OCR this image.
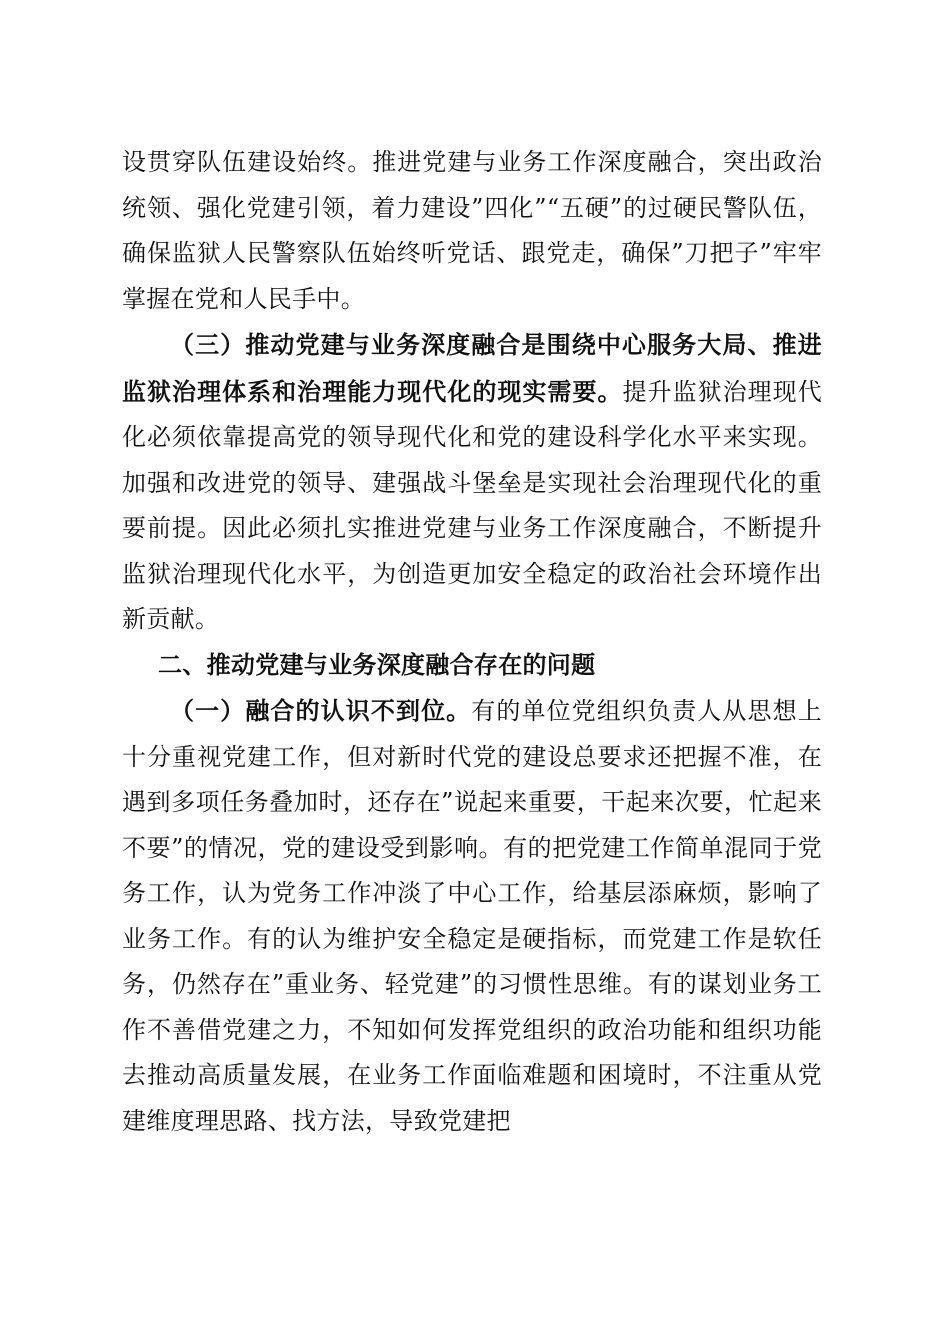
设贯穿队伍建设始终。推进党建与业务工作深度融合，突出政治统领、强化党建引领，着力建设”四化”“五硬”的过硬民警队伍，确保监狱人民警察队伍始终听党话、跟党走，确保”刀把子”牢牢掌握在党和人民手中。

（三）推动党建与业务深度融合是围绕中心服务大局、推进监狱治理体系和治理能力现代化的现实需要。提升监狱治理现代化必须依靠提高党的领导现代化和党的建设科学化水平来实现。加强和改进党的领导、建强战斗堡垒是实现社会治理现代化的重要前提。因此必须扎实推进党建与业务工作深度融合，不断提升监狱治理现代化水平，为创造更加安全稳定的政治社会环境作出新贡献。

二、推动党建与业务深度融合存在的问题

（一）融合的认识不到位。有的单位党组织负责人从思想上十分重视党建工作，但对新时代党的建设总要求还把握不准，在遇到多项任务叠加时，还存在”说起来重要，干起来次要，忙起来不要”的情况，党的建设受到影响。有的把党建工作简单混同于党务工作，认为党务工作冲淡了中心工作，给基层添麻烦，影响了业务工作。有的认为维护安全稳定是硬指标，而党建工作是软任务，仍然存在”重业务、轻党建”的习惯性思维。有的谋划业务工作不善借党建之力，不知如何发挥党组织的政治功能和组织功能去推动高质量发展，在业务工作面临难题和困境时，不注重从党建维度理思路、找方法，导致党建把
